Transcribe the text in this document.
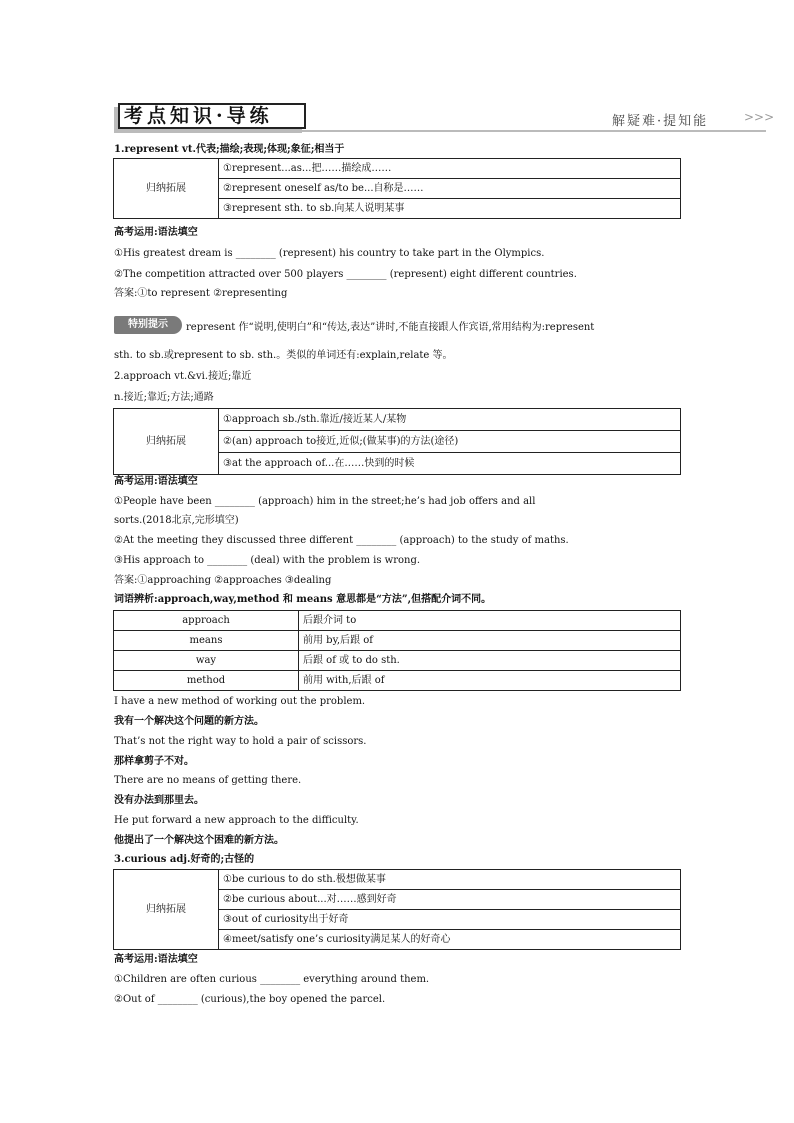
考点知识·导练	解疑难·提知能	>>>
1.represent vt.代表;描绘;表现;体现;象征;相当于
归纳拓展	①represent...as...把……描绘成……
②represent oneself as/to be...自称是……
③represent sth. to sb.向某人说明某事
高考运用:语法填空
①His greatest dream is ________ (represent) his country to take part in the Olympics.
②The competition attracted over 500 players ________ (represent) eight different countries.
答案:①to represent ②representing
特别提示	represent 作“说明,使明白”和“传达,表达”讲时,不能直接跟人作宾语,常用结构为:represent
sth. to sb.或represent to sb. sth.。类似的单词还有:explain,relate 等。
2.approach vt.&vi.接近;靠近
n.接近;靠近;方法;通路
归纳拓展	①approach sb./sth.靠近/接近某人/某物
②(an) approach to接近,近似;(做某事)的方法(途径)
③at the approach of...在……快到的时候
高考运用:语法填空
①People have been ________ (approach) him in the street;he’s had job offers and all
sorts.(2018北京,完形填空)
②At the meeting they discussed three different ________ (approach) to the study of maths.
③His approach to ________ (deal) with the problem is wrong.
答案:①approaching ②approaches ③dealing
词语辨析:approach,way,method 和 means 意思都是“方法”,但搭配介词不同。
approach	后跟介词 to
means	前用 by,后跟 of
way	后跟 of 或 to do sth.
method	前用 with,后跟 of
I have a new method of working out the problem.
我有一个解决这个问题的新方法。
That’s not the right way to hold a pair of scissors.
那样拿剪子不对。
There are no means of getting there.
没有办法到那里去。
He put forward a new approach to the difficulty.
他提出了一个解决这个困难的新方法。
3.curious adj.好奇的;古怪的
归纳拓展	①be curious to do sth.极想做某事
②be curious about...对……感到好奇
③out of curiosity出于好奇
④meet/satisfy one’s curiosity满足某人的好奇心
高考运用:语法填空
①Children are often curious ________ everything around them.
②Out of ________ (curious),the boy opened the parcel.
